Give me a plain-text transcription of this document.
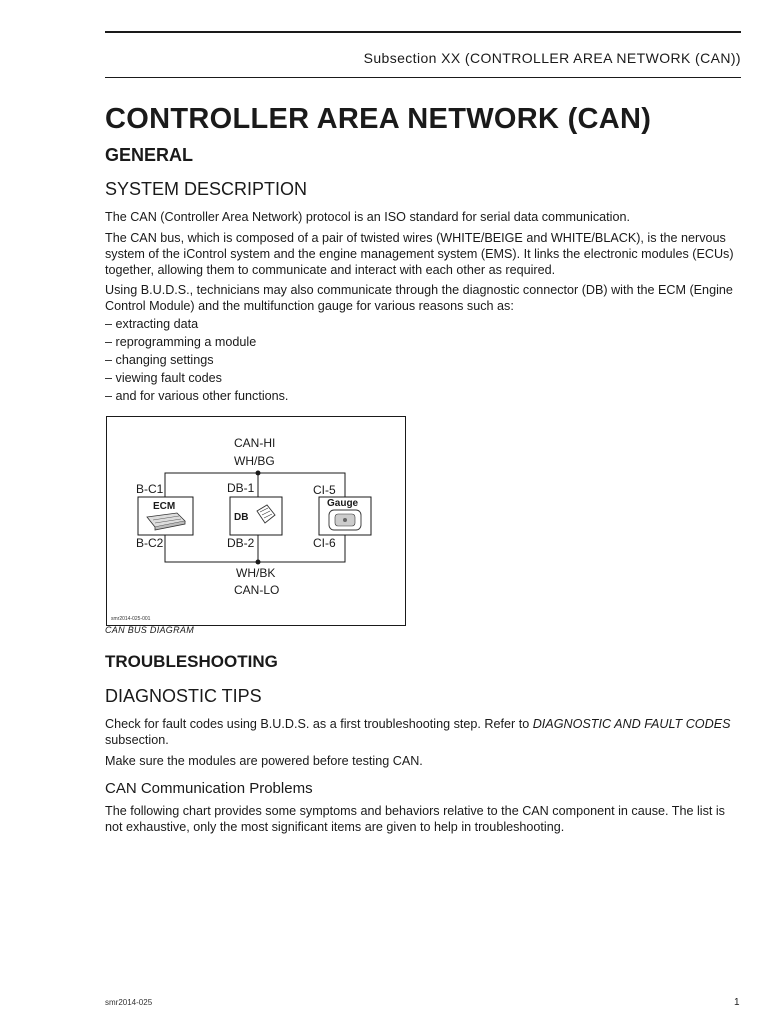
Subsection XX (CONTROLLER AREA NETWORK (CAN))
CONTROLLER AREA NETWORK (CAN)
GENERAL
SYSTEM DESCRIPTION

The CAN (Controller Area Network) protocol is an ISO standard for serial data communication.

The CAN bus, which is composed of a pair of twisted wires (WHITE/BEIGE and WHITE/BLACK), is the nervous system of the iControl system and the engine management system (EMS). It links the electronic modules (ECUs) together, allowing them to communicate and interact with each other as required.

Using B.U.D.S., technicians may also communicate through the diagnostic connector (DB) with the ECM (Engine Control Module) and the multifunction gauge for various reasons such as:

– extracting data
– reprogramming a module
– changing settings
– viewing fault codes
– and for various other functions.
ECM
DB
Gauge
CAN-HI
WH/BG
B-C1	DB-1	CI-5
B-C2	DB-2	CI-6
WH/BK
CAN-LO
smr2014-025-001
CAN BUS DIAGRAM
TROUBLESHOOTING
DIAGNOSTIC TIPS

Check for fault codes using B.U.D.S. as a first troubleshooting step. Refer to DIAGNOSTIC AND FAULT CODES subsection.

Make sure the modules are powered before testing CAN.

CAN Communication Problems

The following chart provides some symptoms and behaviors relative to the CAN component in cause. The list is not exhaustive, only the most significant items are given to help in troubleshooting.

smr2014-025	1
